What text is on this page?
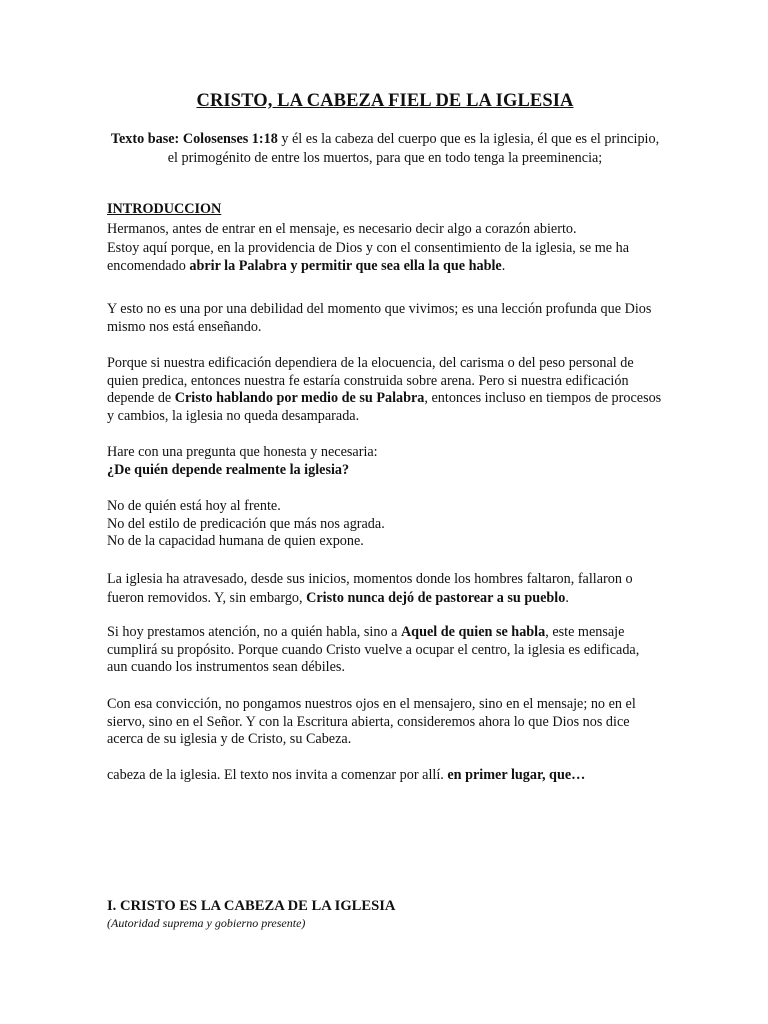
CRISTO, LA CABEZA FIEL DE LA IGLESIA
Texto base: Colosenses 1:18 y él es la cabeza del cuerpo que es la iglesia, él que es el principio, el primogénito de entre los muertos, para que en todo tenga la preeminencia;
INTRODUCCION
Hermanos, antes de entrar en el mensaje, es necesario decir algo a corazón abierto.
Estoy aquí porque, en la providencia de Dios y con el consentimiento de la iglesia, se me ha encomendado abrir la Palabra y permitir que sea ella la que hable.
Y esto no es una por una debilidad del momento que vivimos; es una lección profunda que Dios mismo nos está enseñando.
Porque si nuestra edificación dependiera de la elocuencia, del carisma o del peso personal de quien predica, entonces nuestra fe estaría construida sobre arena. Pero si nuestra edificación depende de Cristo hablando por medio de su Palabra, entonces incluso en tiempos de procesos y cambios, la iglesia no queda desamparada.
Hare con una pregunta que honesta y necesaria:
¿De quién depende realmente la iglesia?
No de quién está hoy al frente.
No del estilo de predicación que más nos agrada.
No de la capacidad humana de quien expone.
La iglesia ha atravesado, desde sus inicios, momentos donde los hombres faltaron, fallaron o fueron removidos. Y, sin embargo, Cristo nunca dejó de pastorear a su pueblo.
Si hoy prestamos atención, no a quién habla, sino a Aquel de quien se habla, este mensaje cumplirá su propósito. Porque cuando Cristo vuelve a ocupar el centro, la iglesia es edificada, aun cuando los instrumentos sean débiles.
Con esa convicción, no pongamos nuestros ojos en el mensajero, sino en el mensaje; no en el siervo, sino en el Señor. Y con la Escritura abierta, consideremos ahora lo que Dios nos dice acerca de su iglesia y de Cristo, su Cabeza.
cabeza de la iglesia. El texto nos invita a comenzar por allí. en primer lugar, que…
I. CRISTO ES LA CABEZA DE LA IGLESIA
(Autoridad suprema y gobierno presente)
